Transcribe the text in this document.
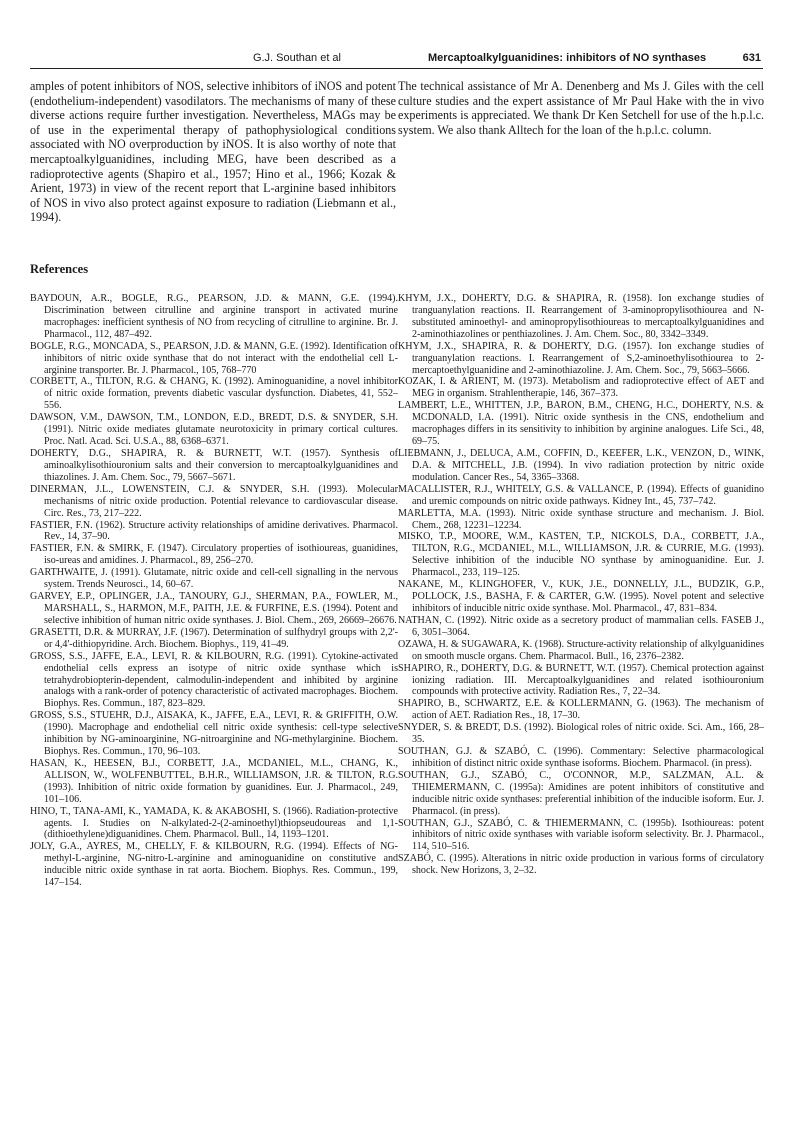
G.J. Southan et al	Mercaptoalkylguanidines: inhibitors of NO synthases	631

amples of potent inhibitors of NOS, selective inhibitors of iNOS and potent (endothelium-independent) vasodilators. The mechanisms of many of these diverse actions require further investigation. Nevertheless, MAGs may be of use in the experimental therapy of pathophysiological conditions associated with NO overproduction by iNOS. It is also worthy of note that mercaptoalkylguanidines, including MEG, have been described as a radioprotective agents (Shapiro et al., 1957; Hino et al., 1966; Kozak & Arient, 1973) in view of the recent report that L-arginine based inhibitors of NOS in vivo also protect against exposure to radiation (Liebmann et al., 1994).

The technical assistance of Mr A. Denenberg and Ms J. Giles with the cell culture studies and the expert assistance of Mr Paul Hake with the in vivo experiments is appreciated. We thank Dr Ken Setchell for use of the h.p.l.c. system. We also thank Alltech for the loan of the h.p.l.c. column.

References

BAYDOUN, A.R., BOGLE, R.G., PEARSON, J.D. & MANN, G.E. (1994). Discrimination between citrulline and arginine transport in activated murine macrophages: inefficient synthesis of NO from recycling of citrulline to arginine. Br. J. Pharmacol., 112, 487–492.

BOGLE, R.G., MONCADA, S., PEARSON, J.D. & MANN, G.E. (1992). Identification of inhibitors of nitric oxide synthase that do not interact with the endothelial cell L-arginine transporter. Br. J. Pharmacol., 105, 768–770

CORBETT, A., TILTON, R.G. & CHANG, K. (1992). Aminoguanidine, a novel inhibitor of nitric oxide formation, prevents diabetic vascular dysfunction. Diabetes, 41, 552–556.

DAWSON, V.M., DAWSON, T.M., LONDON, E.D., BREDT, D.S. & SNYDER, S.H. (1991). Nitric oxide mediates glutamate neurotoxicity in primary cortical cultures. Proc. Natl. Acad. Sci. U.S.A., 88, 6368–6371.

DOHERTY, D.G., SHAPIRA, R. & BURNETT, W.T. (1957). Synthesis of aminoalkylisothiouronium salts and their conversion to mercaptoalkylguanidines and thiazolines. J. Am. Chem. Soc., 79, 5667–5671.

DINERMAN, J.L., LOWENSTEIN, C.J. & SNYDER, S.H. (1993). Molecular mechanisms of nitric oxide production. Potential relevance to cardiovascular disease. Circ. Res., 73, 217–222.

FASTIER, F.N. (1962). Structure activity relationships of amidine derivatives. Pharmacol. Rev., 14, 37–90.

FASTIER, F.N. & SMIRK, F. (1947). Circulatory properties of isothioureas, guanidines, iso-ureas and amidines. J. Pharmacol., 89, 256–270.

GARTHWAITE, J. (1991). Glutamate, nitric oxide and cell-cell signalling in the nervous system. Trends Neurosci., 14, 60–67.

GARVEY, E.P., OPLINGER, J.A., TANOURY, G.J., SHERMAN, P.A., FOWLER, M., MARSHALL, S., HARMON, M.F., PAITH, J.E. & FURFINE, E.S. (1994). Potent and selective inhibition of human nitric oxide synthases. J. Biol. Chem., 269, 26669–26676.

GRASETTI, D.R. & MURRAY, J.F. (1967). Determination of sulfhydryl groups with 2,2'-or 4,4'-dithiopyridine. Arch. Biochem. Biophys., 119, 41–49.

GROSS, S.S., JAFFE, E.A., LEVI, R. & KILBOURN, R.G. (1991). Cytokine-activated endothelial cells express an isotype of nitric oxide synthase which is tetrahydrobiopterin-dependent, calmodulin-independent and inhibited by arginine analogs with a rank-order of potency characteristic of activated macrophages. Biochem. Biophys. Res. Commun., 187, 823–829.

GROSS, S.S., STUEHR, D.J., AISAKA, K., JAFFE, E.A., LEVI, R. & GRIFFITH, O.W. (1990). Macrophage and endothelial cell nitric oxide synthesis: cell-type selective inhibition by NG-aminoarginine, NG-nitroarginine and NG-methylarginine. Biochem. Biophys. Res. Commun., 170, 96–103.

HASAN, K., HEESEN, B.J., CORBETT, J.A., MCDANIEL, M.L., CHANG, K., ALLISON, W., WOLFENBUTTEL, B.H.R., WILLIAMSON, J.R. & TILTON, R.G. (1993). Inhibition of nitric oxide formation by guanidines. Eur. J. Pharmacol., 249, 101–106.

HINO, T., TANA-AMI, K., YAMADA, K. & AKABOSHI, S. (1966). Radiation-protective agents. I. Studies on N-alkylated-2-(2-aminoethyl)thiopseudoureas and 1,1-(dithioethylene)diguanidines. Chem. Pharmacol. Bull., 14, 1193–1201.

JOLY, G.A., AYRES, M., CHELLY, F. & KILBOURN, R.G. (1994). Effects of NG-methyl-L-arginine, NG-nitro-L-arginine and aminoguanidine on constitutive and inducible nitric oxide synthase in rat aorta. Biochem. Biophys. Res. Commun., 199, 147–154.

KHYM, J.X., DOHERTY, D.G. & SHAPIRA, R. (1958). Ion exchange studies of tranguanylation reactions. II. Rearrangement of 3-aminopropylisothiourea and N-substituted aminoethyl- and aminopropylisothioureas to mercaptoalkylguanidines and 2-aminothiazolines or penthiazolines. J. Am. Chem. Soc., 80, 3342–3349.

KHYM, J.X., SHAPIRA, R. & DOHERTY, D.G. (1957). Ion exchange studies of tranguanylation reactions. I. Rearrangement of S,2-aminoethylisothiourea to 2-mercaptoethylguanidine and 2-aminothiazoline. J. Am. Chem. Soc., 79, 5663–5666.

KOZAK, I. & ARIENT, M. (1973). Metabolism and radioprotective effect of AET and MEG in organism. Strahlentherapie, 146, 367–373.

LAMBERT, L.E., WHITTEN, J.P., BARON, B.M., CHENG, H.C., DOHERTY, N.S. & MCDONALD, I.A. (1991). Nitric oxide synthesis in the CNS, endothelium and macrophages differs in its sensitivity to inhibition by arginine analogues. Life Sci., 48, 69–75.

LIEBMANN, J., DELUCA, A.M., COFFIN, D., KEEFER, L.K., VENZON, D., WINK, D.A. & MITCHELL, J.B. (1994). In vivo radiation protection by nitric oxide modulation. Cancer Res., 54, 3365–3368.

MACALLISTER, R.J., WHITELY, G.S. & VALLANCE, P. (1994). Effects of guanidino and uremic compounds on nitric oxide pathways. Kidney Int., 45, 737–742.

MARLETTA, M.A. (1993). Nitric oxide synthase structure and mechanism. J. Biol. Chem., 268, 12231–12234.

MISKO, T.P., MOORE, W.M., KASTEN, T.P., NICKOLS, D.A., CORBETT, J.A., TILTON, R.G., MCDANIEL, M.L., WILLIAMSON, J.R. & CURRIE, M.G. (1993). Selective inhibition of the inducible NO synthase by aminoguanidine. Eur. J. Pharmacol., 233, 119–125.

NAKANE, M., KLINGHOFER, V., KUK, J.E., DONNELLY, J.L., BUDZIK, G.P., POLLOCK, J.S., BASHA, F. & CARTER, G.W. (1995). Novel potent and selective inhibitors of inducible nitric oxide synthase. Mol. Pharmacol., 47, 831–834.

NATHAN, C. (1992). Nitric oxide as a secretory product of mammalian cells. FASEB J., 6, 3051–3064.

OZAWA, H. & SUGAWARA, K. (1968). Structure-activity relationship of alkylguanidines on smooth muscle organs. Chem. Pharmacol. Bull., 16, 2376–2382.

SHAPIRO, R., DOHERTY, D.G. & BURNETT, W.T. (1957). Chemical protection against ionizing radiation. III. Mercaptoalkylguanidines and related isothiouronium compounds with protective activity. Radiation Res., 7, 22–34.

SHAPIRO, B., SCHWARTZ, E.E. & KOLLERMANN, G. (1963). The mechanism of action of AET. Radiation Res., 18, 17–30.

SNYDER, S. & BREDT, D.S. (1992). Biological roles of nitric oxide. Sci. Am., 166, 28–35.

SOUTHAN, G.J. & SZABÓ, C. (1996). Commentary: Selective pharmacological inhibition of distinct nitric oxide synthase isoforms. Biochem. Pharmacol. (in press).

SOUTHAN, G.J., SZABÓ, C., O'CONNOR, M.P., SALZMAN, A.L. & THIEMERMANN, C. (1995a): Amidines are potent inhibitors of constitutive and inducible nitric oxide synthases: preferential inhibition of the inducible isoform. Eur. J. Pharmacol. (in press).

SOUTHAN, G.J., SZABÓ, C. & THIEMERMANN, C. (1995b). Isothioureas: potent inhibitors of nitric oxide synthases with variable isoform selectivity. Br. J. Pharmacol., 114, 510–516.

SZABÓ, C. (1995). Alterations in nitric oxide production in various forms of circulatory shock. New Horizons, 3, 2–32.
